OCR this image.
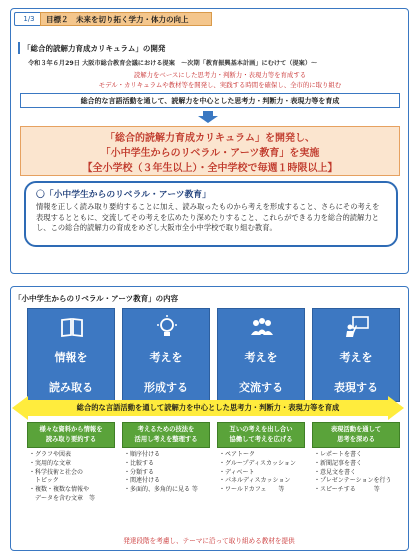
1/3	目標２　未来を切り拓く学力・体力の向上
「総合的読解力育成カリキュラム」の開発
令和３年６月29日 大阪市総合教育会議における提案　～次期「教育振興基本計画」にむけて（提案）～
読解力をベースにした思考力・判断力・表現力等を育成する
モデル・カリキュラムや教材等を開発し、実践する時間を確保し、全市的に取り組む
総合的な言語活動を通して、読解力を中心とした思考力・判断力・表現力等を育成
「総合的読解力育成カリキュラム」を開発し、
「小中学生からのリベラル・アーツ教育」を実施
【全小学校（３年生以上）・全中学校で毎週１時限以上】
〇「小中学生からのリベラル・アーツ教育」
情報を正しく読み取り要約することに加え、読み取ったものから考えを形成すること、さらにその考えを表現するとともに、交流してその考えを広めたり深めたりすること、これらができる力を総合的読解力とし、この総合的読解力の育成をめざし大阪市全小中学校で取り組む教育。
「小中学生からのリベラル・アーツ教育」の内容
情報を
読み取る
考えを
形成する
考えを
交流する
考えを
表現する
総合的な言語活動を通して読解力を中心とした思考力・判断力・表現力等を育成
様々な資料から情報を
読み取り要約する
考えるための技法を
活用し考えを整理する
互いの考えを出し合い
協働して考えを広げる
表現活動を通して
思考を深める
・グラフや図表
・実用的な文章
・科学技術と社会の
　トピック
・複数・複数な情報や
　データを含む文章　等
・順序付ける
・比較する
・分類する
・関連付ける
・多面的、多角的に見る 等
・ペアトーク
・グループディスカッション
・ディベート
・パネルディスカッション
・ワールドカフェ　　等
・レポートを書く
・新聞記事を書く
・意見文を書く
・プレゼンテーションを行う
・スピーチする　　　等
発達段階を考慮し、テーマに沿って取り組める教材を提供
